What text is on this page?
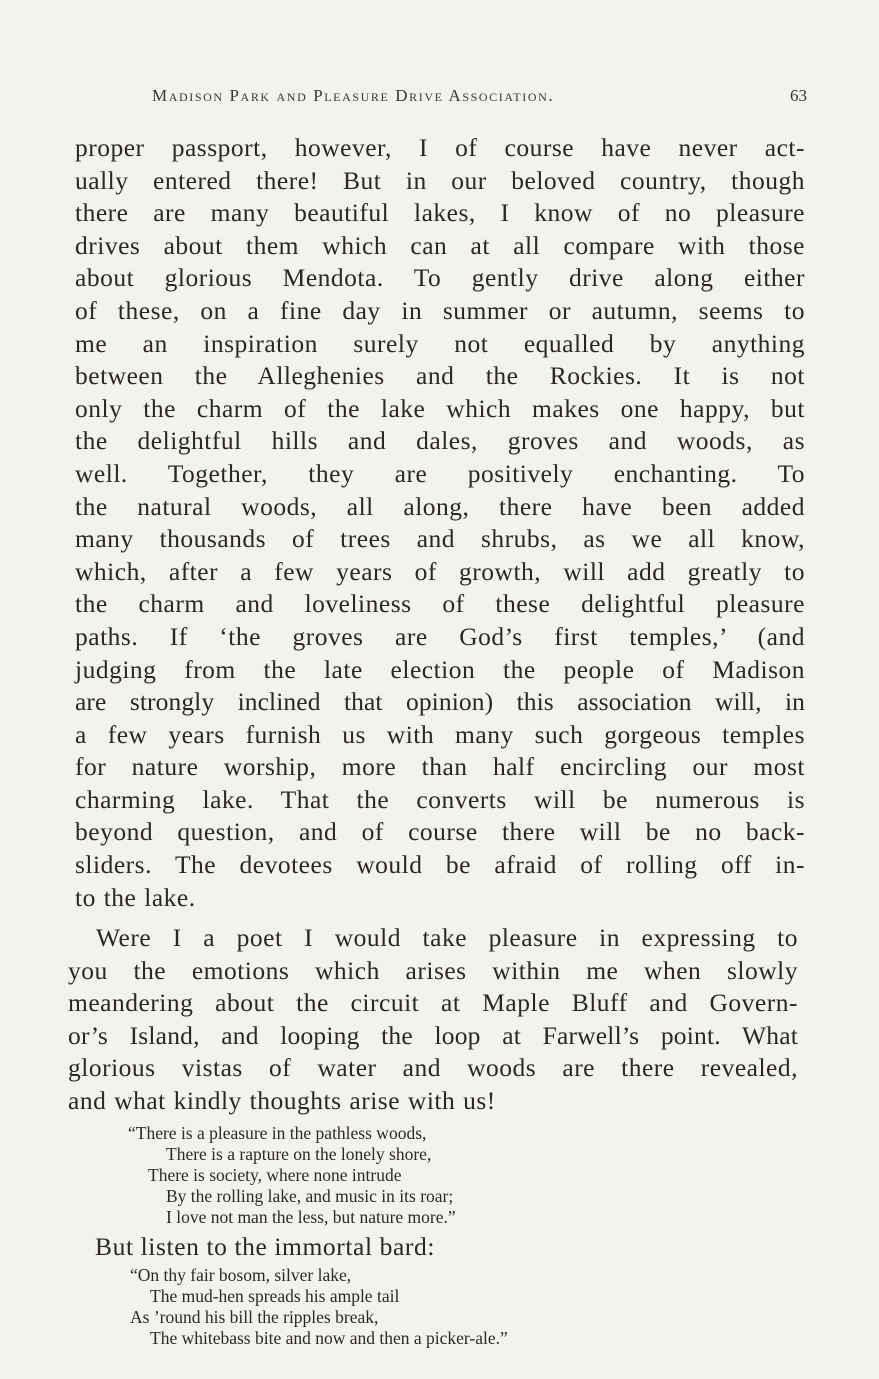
Madison Park and Pleasure Drive Association.	63
proper passport, however, I of course have never act-
ually entered there! But in our beloved country, though
there are many beautiful lakes, I know of no pleasure
drives about them which can at all compare with those
about glorious Mendota. To gently drive along either
of these, on a fine day in summer or autumn, seems to
me an inspiration surely not equalled by anything
between the Alleghenies and the Rockies. It is not
only the charm of the lake which makes one happy, but
the delightful hills and dales, groves and woods, as
well. Together, they are positively enchanting. To
the natural woods, all along, there have been added
many thousands of trees and shrubs, as we all know,
which, after a few years of growth, will add greatly to
the charm and loveliness of these delightful pleasure
paths. If ‘the groves are God’s first temples,’ (and
judging from the late election the people of Madison
are strongly inclined that opinion) this association will, in
a few years furnish us with many such gorgeous temples
for nature worship, more than half encircling our most
charming lake. That the converts will be numerous is
beyond question, and of course there will be no back-
sliders. The devotees would be afraid of rolling off in-
to the lake.
Were I a poet I would take pleasure in expressing to
you the emotions which arises within me when slowly
meandering about the circuit at Maple Bluff and Govern-
or’s Island, and looping the loop at Farwell’s point. What
glorious vistas of water and woods are there revealed,
and what kindly thoughts arise with us!
“There is a pleasure in the pathless woods,
There is a rapture on the lonely shore,
There is society, where none intrude
By the rolling lake, and music in its roar;
I love not man the less, but nature more.”
But listen to the immortal bard:
“On thy fair bosom, silver lake,
The mud-hen spreads his ample tail
As ’round his bill the ripples break,
The whitebass bite and now and then a picker-ale.”
